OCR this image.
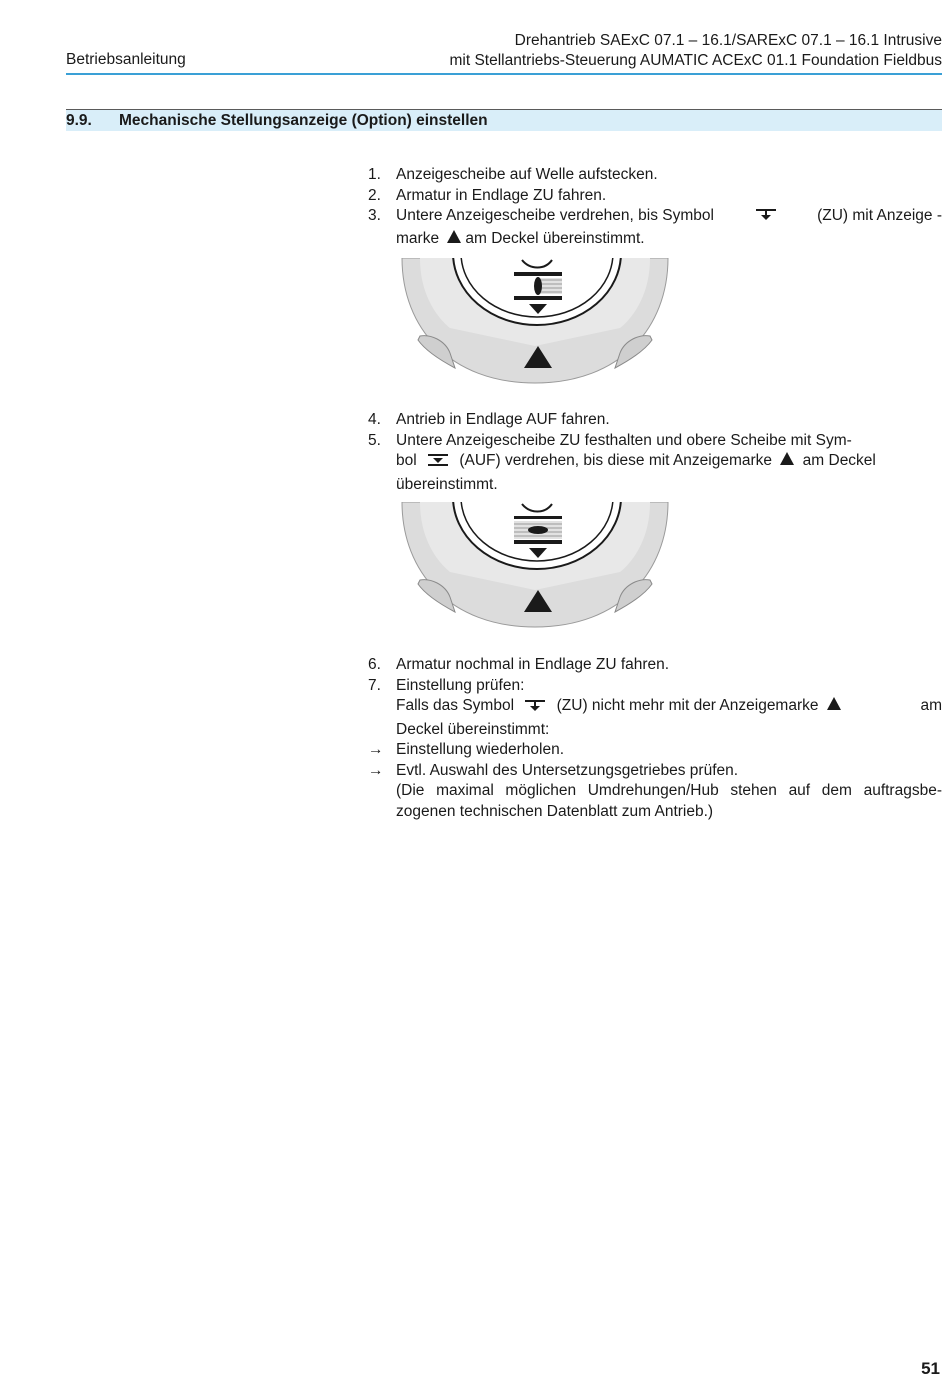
Betriebsanleitung
Drehantrieb SAExC 07.1 – 16.1/SARExC 07.1 – 16.1 Intrusive
mit Stellantriebs-Steuerung AUMATIC ACExC 01.1 Foundation Fieldbus
9.9. Mechanische Stellungsanzeige (Option) einstellen
1. Anzeigescheibe auf Welle aufstecken.
2. Armatur in Endlage ZU fahren.
3. Untere Anzeigescheibe verdrehen, bis Symbol	(ZU) mit Anzeige -
marke am Deckel übereinstimmt.
4. Antrieb in Endlage AUF fahren.
5. Untere Anzeigescheibe ZU festhalten und obere Scheibe mit Sym-
bol	(AUF) verdrehen, bis diese mit Anzeigemarke am Deckel
übereinstimmt.
6. Armatur nochmal in Endlage ZU fahren.
7. Einstellung prüfen:
Falls das Symbol	(ZU) nicht mehr mit der Anzeigemarke	am
Deckel übereinstimmt:
→ Einstellung wiederholen.
→ Evtl. Auswahl des Untersetzungsgetriebes prüfen.
(Die maximal möglichen Umdrehungen/Hub stehen auf dem auftragsbe-
zogenen technischen Datenblatt zum Antrieb.)
51
